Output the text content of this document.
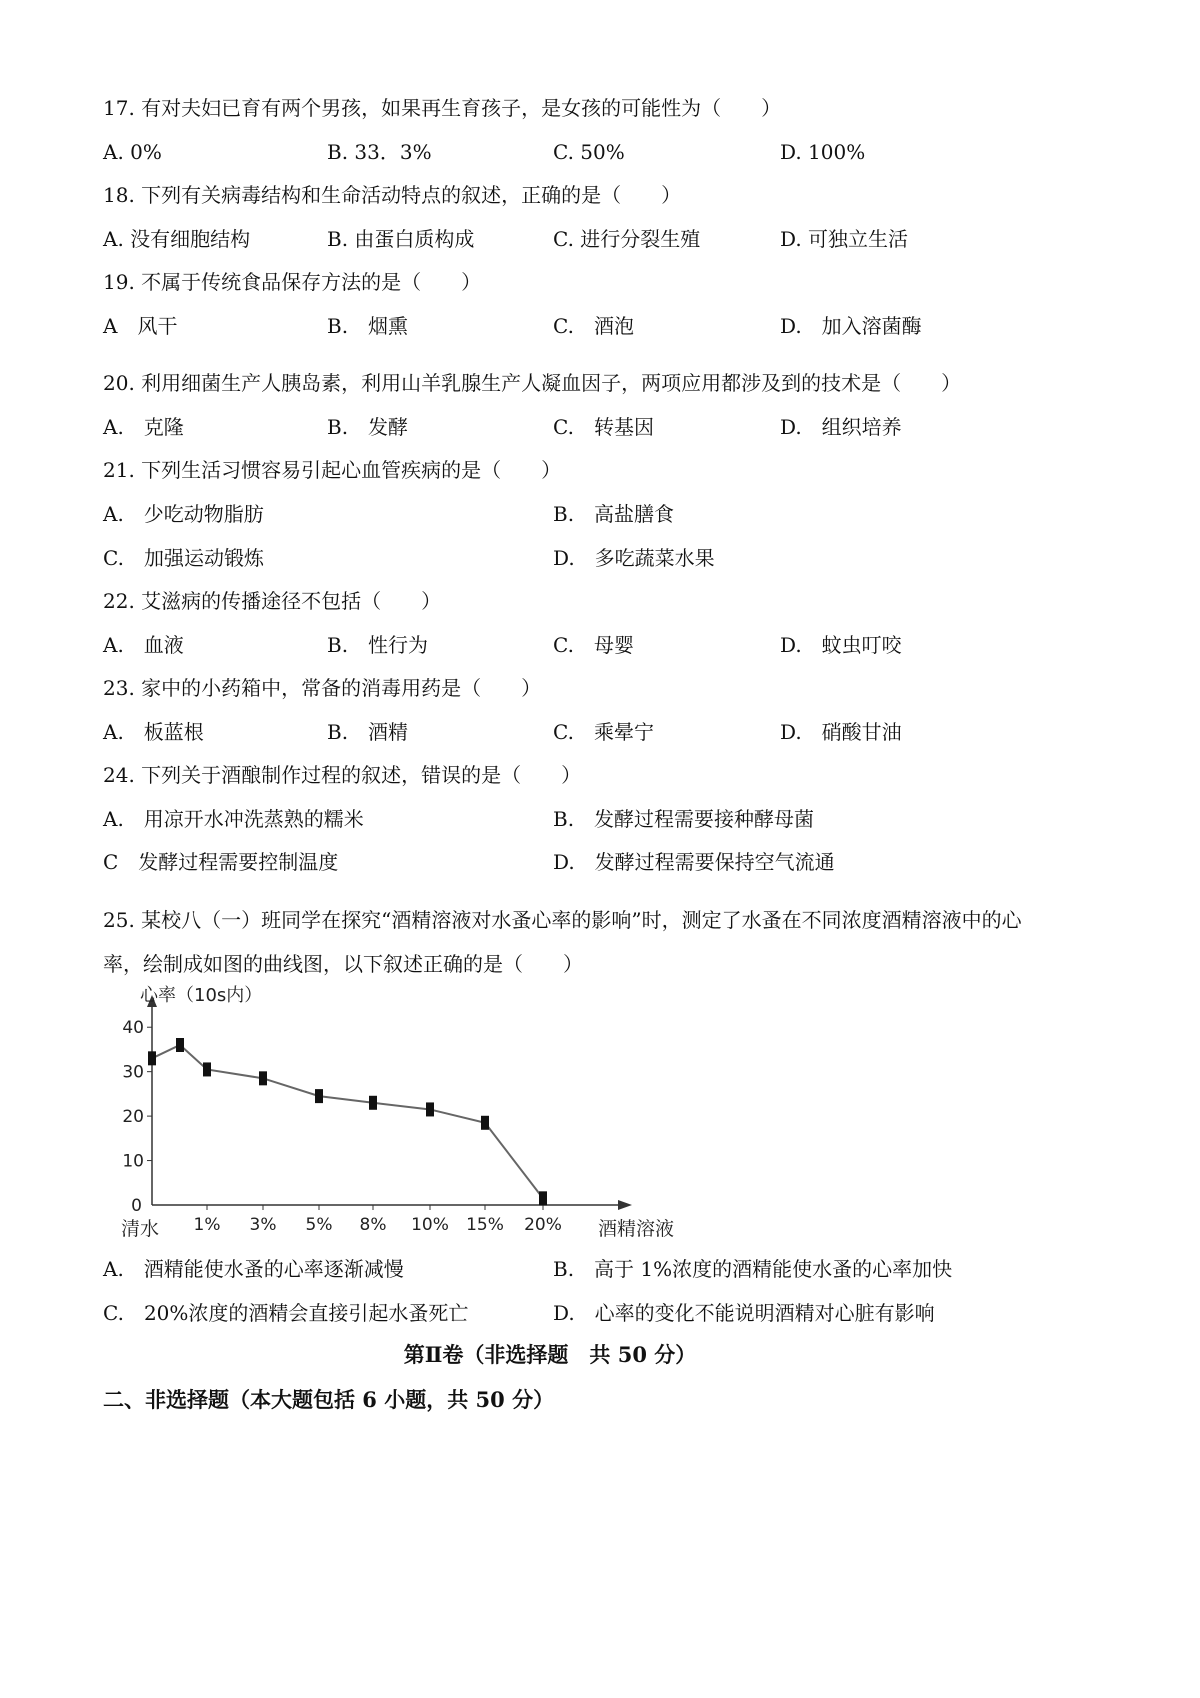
17. 有对夫妇已育有两个男孩，如果再生育孩子，是女孩的可能性为（　　）
A. 0%	B. 33．3%	C. 50%	D. 100%
18. 下列有关病毒结构和生命活动特点的叙述，正确的是（　　）
A. 没有细胞结构	B. 由蛋白质构成	C. 进行分裂生殖	D. 可独立生活
19. 不属于传统食品保存方法的是（　　）
A　风干	B.　烟熏	C.　酒泡	D.　加入溶菌酶
20. 利用细菌生产人胰岛素，利用山羊乳腺生产人凝血因子，两项应用都涉及到的技术是（　　）
A.　克隆	B.　发酵	C.　转基因	D.　组织培养
21. 下列生活习惯容易引起心血管疾病的是（　　）
A.　少吃动物脂肪	B.　高盐膳食
C.　加强运动锻炼	D.　多吃蔬菜水果
22. 艾滋病的传播途径不包括（　　）
A.　血液	B.　性行为	C.　母婴	D.　蚊虫叮咬
23. 家中的小药箱中，常备的消毒用药是（　　）
A.　板蓝根	B.　酒精	C.　乘晕宁	D.　硝酸甘油
24. 下列关于酒酿制作过程的叙述，错误的是（　　）
A.　用凉开水冲洗蒸熟的糯米	B.　发酵过程需要接种酵母菌
C　发酵过程需要控制温度	D.　发酵过程需要保持空气流通
25. 某校八（一）班同学在探究“酒精溶液对水蚤心率的影响”时，测定了水蚤在不同浓度酒精溶液中的心
率，绘制成如图的曲线图，以下叙述正确的是（　　）
10
20
30
40
0
1% 3% 5% 8% 10% 15% 20%
清水
心率（10s内）
酒精溶液
A.　酒精能使水蚤的心率逐渐减慢	B.　高于 1%浓度的酒精能使水蚤的心率加快
C.　20%浓度的酒精会直接引起水蚤死亡	D.　心率的变化不能说明酒精对心脏有影响
第Ⅱ卷（非选择题　共 50 分）
二、非选择题（本大题包括 6 小题，共 50 分）
